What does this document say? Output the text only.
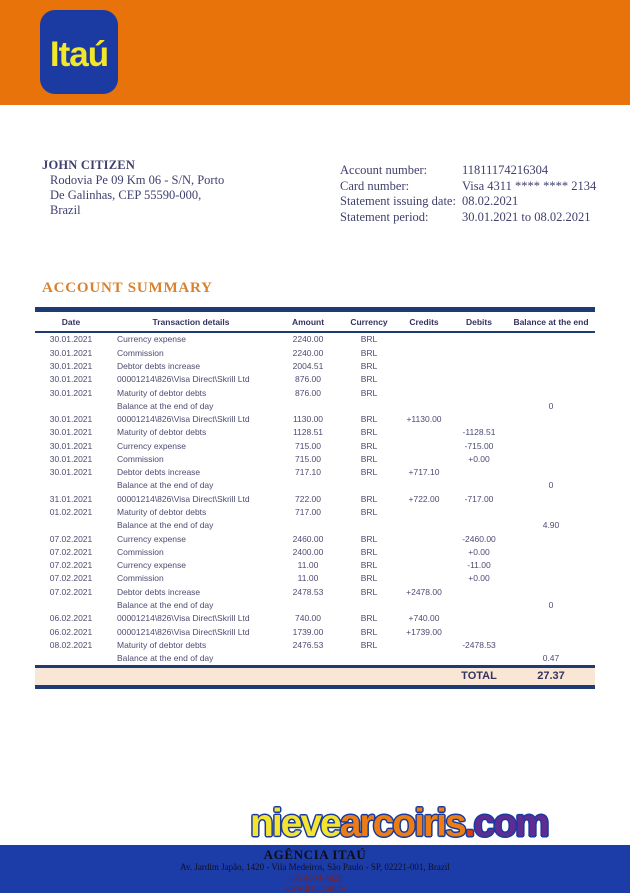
Itaú
JOHN CITIZEN
Rodovia Pe 09 Km 06 - S/N, Porto
De Galinhas, CEP 55590-000,
Brazil
Account number:	11811174216304
Card number:	Visa 4311 **** **** 2134
Statement issuing date: 08.02.2021
Statement period:	30.01.2021 to 08.02.2021
ACCOUNT SUMMARY
Date	Transaction details	Amount	Currency	Credits	Debits	Balance at the end
30.01.2021	Currency expense	2240.00	BRL			
30.01.2021	Commission	2240.00	BRL			
30.01.2021	Debtor debts increase	2004.51	BRL			
30.01.2021	00001214\826\Visa Direct\Skrill Ltd	876.00	BRL			
30.01.2021	Maturity of debtor debts	876.00	BRL			
	Balance at the end of day					0
30.01.2021	00001214\826\Visa Direct\Skrill Ltd	1130.00	BRL	+1130.00		
30.01.2021	Maturity of debtor debts	1128.51	BRL		-1128.51	
30.01.2021	Currency expense	715.00	BRL		-715.00	
30.01.2021	Commission	715.00	BRL		+0.00	
30.01.2021	Debtor debts increase	717.10	BRL	+717.10		
	Balance at the end of day					0
31.01.2021	00001214\826\Visa Direct\Skrill Ltd	722.00	BRL	+722.00	-717.00	
01.02.2021	Maturity of debtor debts	717.00	BRL			
	Balance at the end of day					4.90
07.02.2021	Currency expense	2460.00	BRL		-2460.00	
07.02.2021	Commission	2400.00	BRL		+0.00	
07.02.2021	Currency expense	11.00	BRL		-11.00	
07.02.2021	Commission	11.00	BRL		+0.00	
07.02.2021	Debtor debts increase	2478.53	BRL	+2478.00		
	Balance at the end of day					0
06.02.2021	00001214\826\Visa Direct\Skrill Ltd	740.00	BRL	+740.00		
06.02.2021	00001214\826\Visa Direct\Skrill Ltd	1739.00	BRL	+1739.00		
08.02.2021	Maturity of debtor debts	2476.53	BRL		-2478.53	
	Balance at the end of day					0.47
					TOTAL	27.37
nievearcoiris.com
AGÊNCIA ITAÚ
Av. Jardim Japão, 1420 - Vila Medeiros, São Paulo - SP, 02221-001, Brazil
+55 4004-4828
www.itau.com.br
